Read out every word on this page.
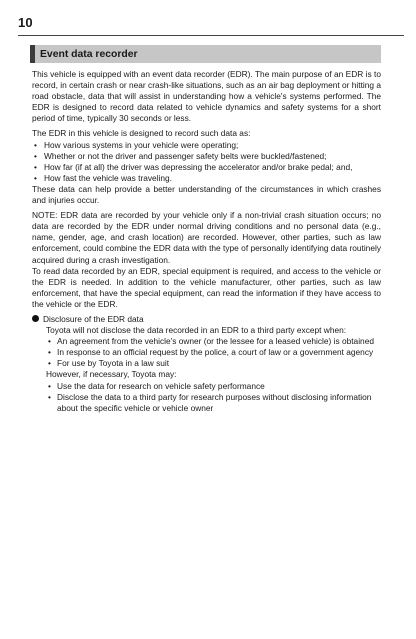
10
Event data recorder

This vehicle is equipped with an event data recorder (EDR). The main purpose of an EDR is to record, in certain crash or near crash-like situations, such as an air bag deployment or hitting a road obstacle, data that will assist in understanding how a vehicle's systems performed. The EDR is designed to record data related to vehicle dynamics and safety systems for a short period of time, typically 30 seconds or less.

The EDR in this vehicle is designed to record such data as:

• How various systems in your vehicle were operating;
• Whether or not the driver and passenger safety belts were buckled/fastened;
• How far (if at all) the driver was depressing the accelerator and/or brake pedal; and,
• How fast the vehicle was traveling.

These data can help provide a better understanding of the circumstances in which crashes and injuries occur.

NOTE: EDR data are recorded by your vehicle only if a non-trivial crash situation occurs; no data are recorded by the EDR under normal driving conditions and no personal data (e.g., name, gender, age, and crash location) are recorded. However, other parties, such as law enforcement, could combine the EDR data with the type of personally identifying data routinely acquired during a crash investigation.

To read data recorded by an EDR, special equipment is required, and access to the vehicle or the EDR is needed. In addition to the vehicle manufacturer, other parties, such as law enforcement, that have the special equipment, can read the information if they have access to the vehicle or the EDR.

Disclosure of the EDR data

Toyota will not disclose the data recorded in an EDR to a third party except when:

• An agreement from the vehicle's owner (or the lessee for a leased vehicle) is obtained
• In response to an official request by the police, a court of law or a government agency
• For use by Toyota in a law suit

However, if necessary, Toyota may:

• Use the data for research on vehicle safety performance
• Disclose the data to a third party for research purposes without disclosing information about the specific vehicle or vehicle owner
